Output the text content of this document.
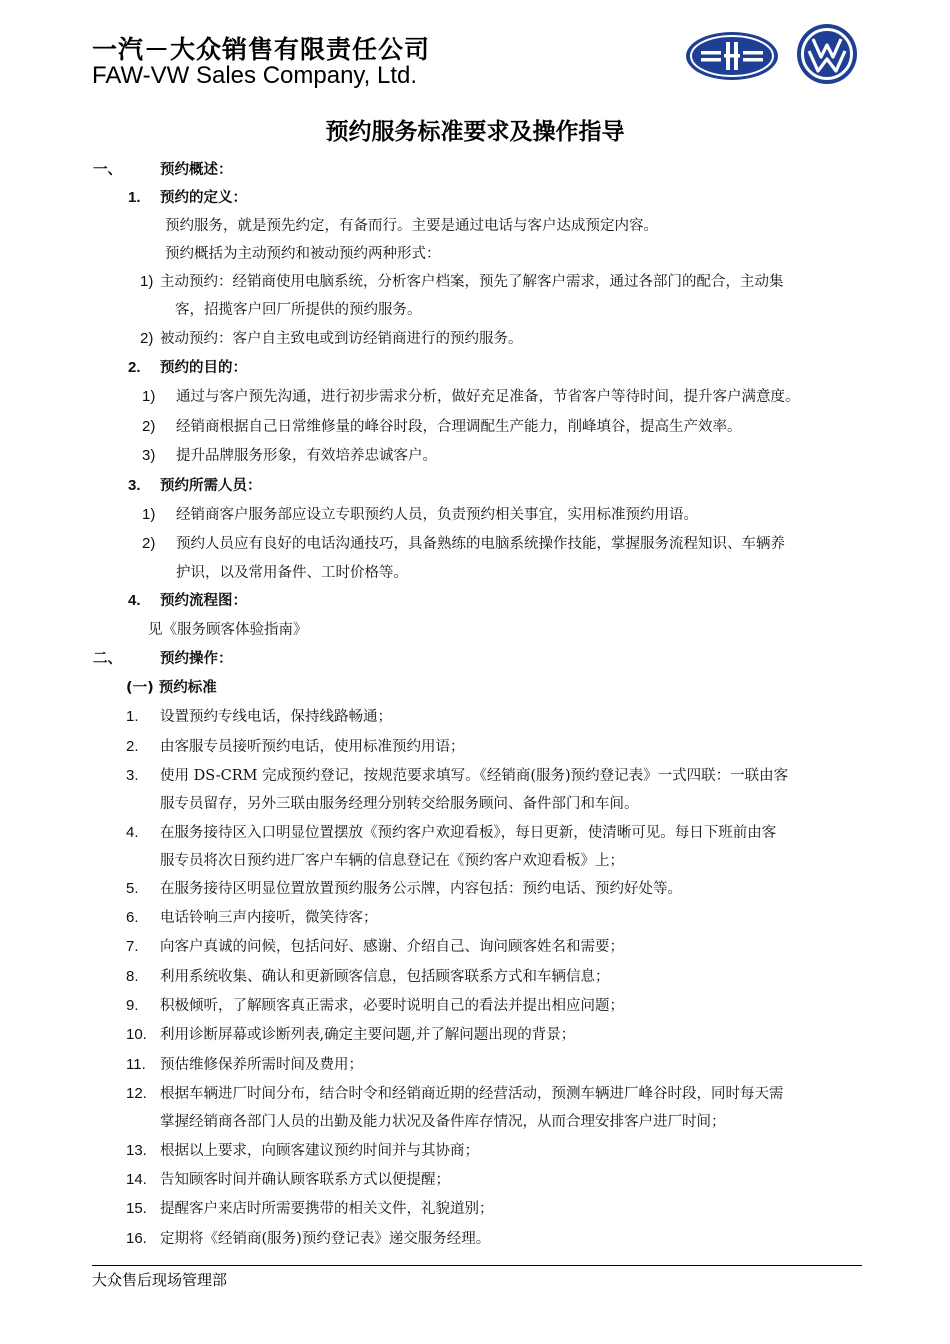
一汽－大众销售有限责任公司
FAW-VW Sales Company, Ltd.
预约服务标准要求及操作指导
一、	预约概述：
1. 预约的定义：
预约服务，就是预先约定，有备而行。主要是通过电话与客户达成预定内容。
预约概括为主动预约和被动预约两种形式：
1) 主动预约：经销商使用电脑系统，分析客户档案，预先了解客户需求，通过各部门的配合，主动集
客，招揽客户回厂所提供的预约服务。
2) 被动预约：客户自主致电或到访经销商进行的预约服务。
2. 预约的目的：
1) 通过与客户预先沟通，进行初步需求分析，做好充足准备，节省客户等待时间，提升客户满意度。
2) 经销商根据自己日常维修量的峰谷时段，合理调配生产能力，削峰填谷，提高生产效率。
3) 提升品牌服务形象，有效培养忠诚客户。
3. 预约所需人员：
1) 经销商客户服务部应设立专职预约人员，负责预约相关事宜，实用标准预约用语。
2) 预约人员应有良好的电话沟通技巧，具备熟练的电脑系统操作技能，掌握服务流程知识、车辆养
护识，以及常用备件、工时价格等。
4. 预约流程图：
见《服务顾客体验指南》
二、	预约操作：
(一) 预约标准
1. 设置预约专线电话，保持线路畅通；
2. 由客服专员接听预约电话，使用标准预约用语；
3. 使用 DS-CRM 完成预约登记，按规范要求填写。《经销商(服务)预约登记表》一式四联：一联由客
服专员留存，另外三联由服务经理分别转交给服务顾问、备件部门和车间。
4. 在服务接待区入口明显位置摆放《预约客户欢迎看板》，每日更新，使清晰可见。每日下班前由客
服专员将次日预约进厂客户车辆的信息登记在《预约客户欢迎看板》上；
5. 在服务接待区明显位置放置预约服务公示牌，内容包括：预约电话、预约好处等。
6. 电话铃响三声内接听，微笑待客；
7. 向客户真诚的问候，包括问好、感谢、介绍自己、询问顾客姓名和需要；
8. 利用系统收集、确认和更新顾客信息，包括顾客联系方式和车辆信息；
9. 积极倾听，了解顾客真正需求，必要时说明自己的看法并提出相应问题；
10. 利用诊断屏幕或诊断列表,确定主要问题,并了解问题出现的背景；
11. 预估维修保养所需时间及费用；
12. 根据车辆进厂时间分布，结合时令和经销商近期的经营活动，预测车辆进厂峰谷时段，同时每天需
掌握经销商各部门人员的出勤及能力状况及备件库存情况，从而合理安排客户进厂时间；
13. 根据以上要求，向顾客建议预约时间并与其协商；
14. 告知顾客时间并确认顾客联系方式以便提醒；
15. 提醒客户来店时所需要携带的相关文件，礼貌道别；
16. 定期将《经销商(服务)预约登记表》递交服务经理。
大众售后现场管理部
